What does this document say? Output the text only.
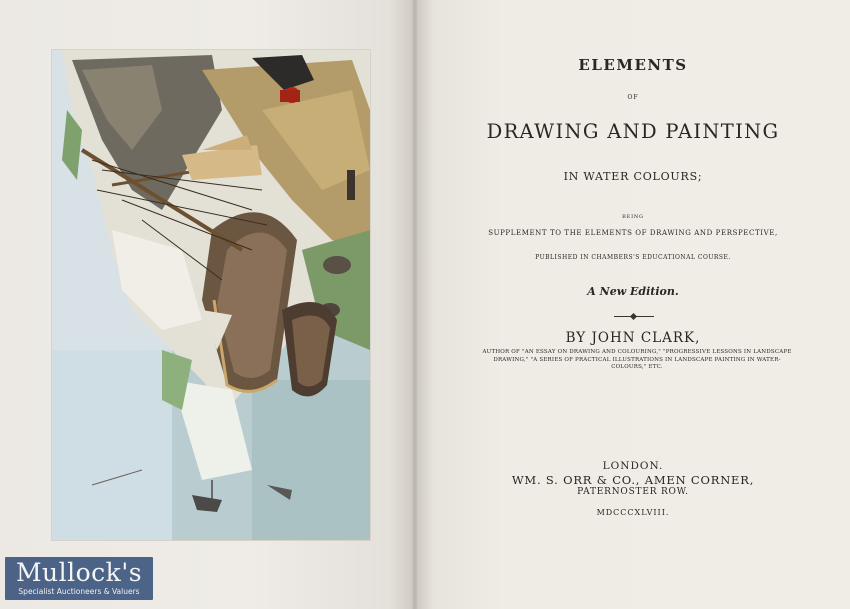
ELEMENTS
OF
DRAWING AND PAINTING
IN WATER COLOURS;
BEING
SUPPLEMENT TO THE ELEMENTS OF DRAWING AND PERSPECTIVE,
PUBLISHED IN CHAMBERS'S EDUCATIONAL COURSE.
A New Edition.
BY JOHN CLARK,
AUTHOR OF "AN ESSAY ON DRAWING AND COLOURING," "PROGRESSIVE LESSONS IN LANDSCAPE DRAWING," "A SERIES OF PRACTICAL ILLUSTRATIONS IN LANDSCAPE PAINTING IN WATER-COLOURS," ETC.
LONDON.
WM. S. ORR & CO., AMEN CORNER,
PATERNOSTER ROW.
MDCCCXLVIII.
Mullock's
Specialist Auctioneers & Valuers
